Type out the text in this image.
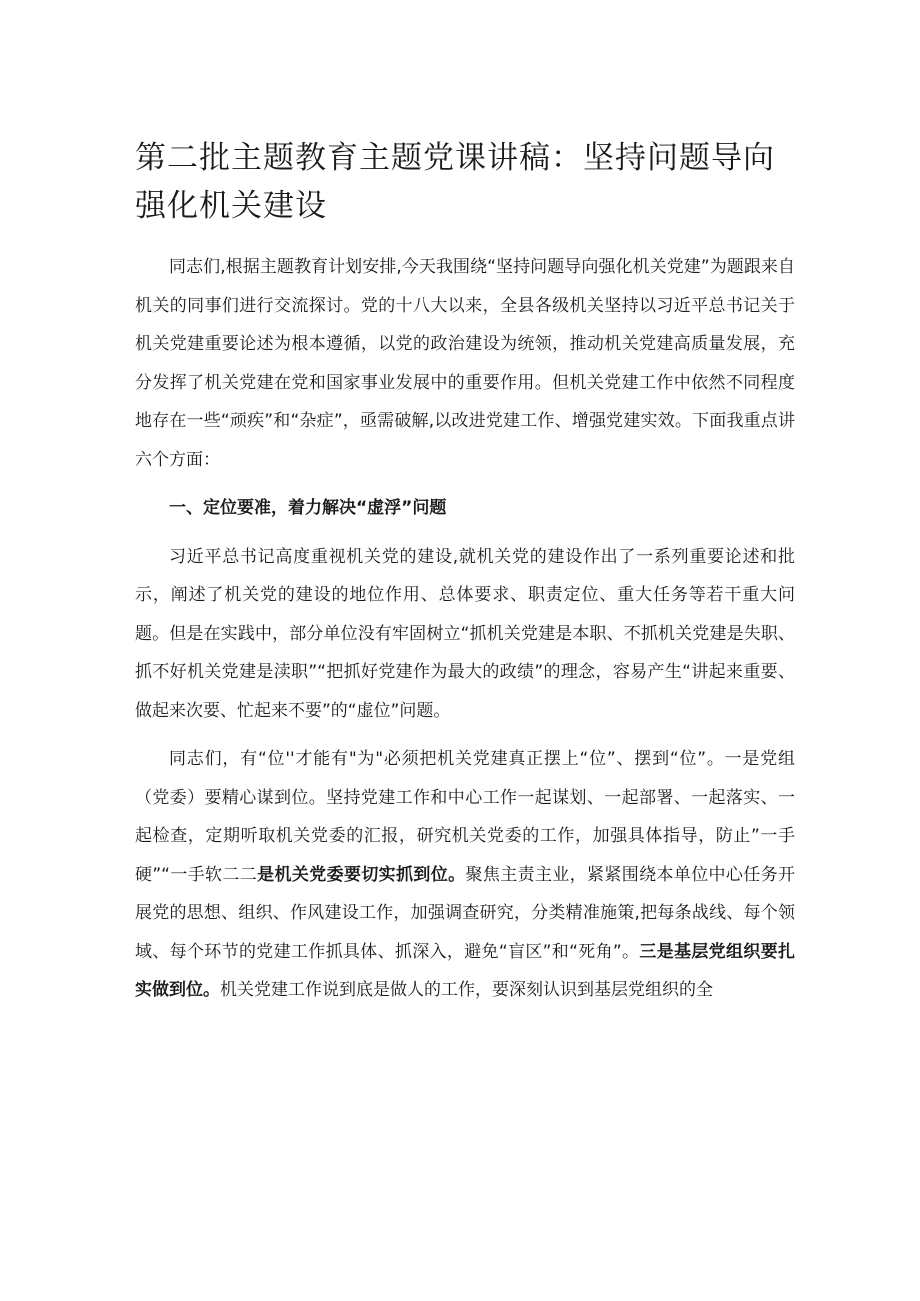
第二批主题教育主题党课讲稿：坚持问题导向强化机关建设

同志们,根据主题教育计划安排,今天我围绕“坚持问题导向强化机关党建”为题跟来自机关的同事们进行交流探讨。党的十八大以来，全县各级机关坚持以习近平总书记关于机关党建重要论述为根本遵循，以党的政治建设为统领，推动机关党建高质量发展，充分发挥了机关党建在党和国家事业发展中的重要作用。但机关党建工作中依然不同程度地存在一些“顽疾”和“杂症”，亟需破解,以改进党建工作、增强党建实效。下面我重点讲六个方面：

一、定位要准，着力解决“虚浮”问题

习近平总书记高度重视机关党的建设,就机关党的建设作出了一系列重要论述和批示，阐述了机关党的建设的地位作用、总体要求、职责定位、重大任务等若干重大问题。但是在实践中，部分单位没有牢固树立“抓机关党建是本职、不抓机关党建是失职、抓不好机关党建是渎职”“把抓好党建作为最大的政绩”的理念，容易产生“讲起来重要、做起来次要、忙起来不要”的“虚位”问题。

同志们，有“位''才能有"为"必须把机关党建真正摆上“位”、摆到“位”。一是党组（党委）要精心谋到位。坚持党建工作和中心工作一起谋划、一起部署、一起落实、一起检查，定期听取机关党委的汇报，研究机关党委的工作，加强具体指导，防止”一手硬”“一手软二二是机关党委要切实抓到位。聚焦主责主业，紧紧围绕本单位中心任务开展党的思想、组织、作风建设工作，加强调查研究，分类精准施策,把每条战线、每个领域、每个环节的党建工作抓具体、抓深入，避免“盲区”和“死角”。三是基层党组织要扎实做到位。机关党建工作说到底是做人的工作，要深刻认识到基层党组织的全
